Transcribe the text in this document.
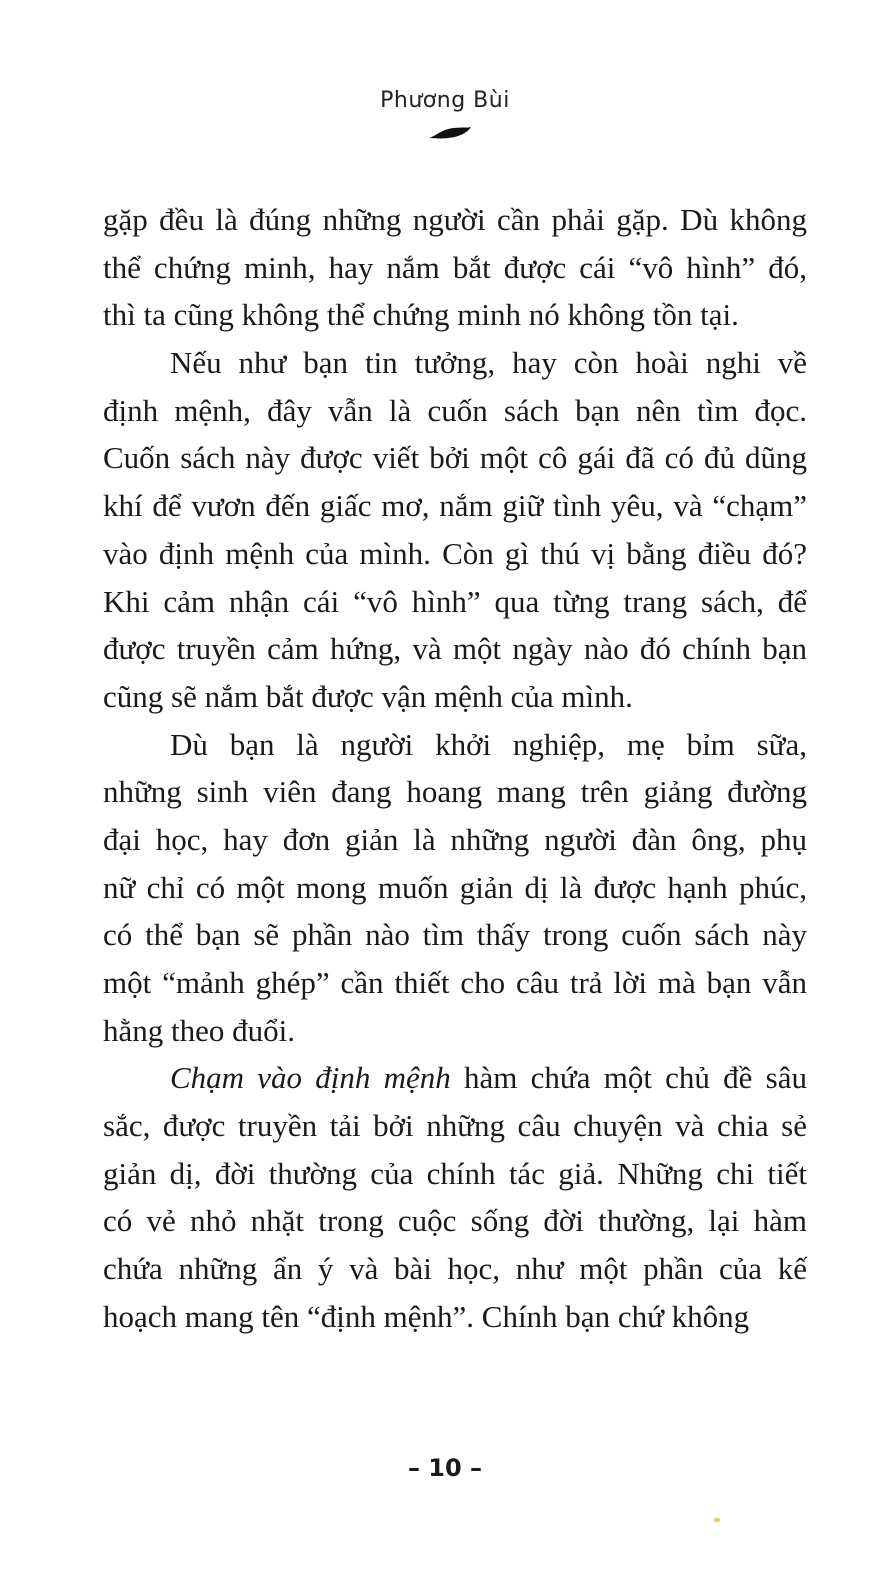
Phương Bùi
gặp đều là đúng những người cần phải gặp. Dù không
thể chứng minh, hay nắm bắt được cái “vô hình” đó,
thì ta cũng không thể chứng minh nó không tồn tại.
Nếu như bạn tin tưởng, hay còn hoài nghi về
định mệnh, đây vẫn là cuốn sách bạn nên tìm đọc.
Cuốn sách này được viết bởi một cô gái đã có đủ dũng
khí để vươn đến giấc mơ, nắm giữ tình yêu, và “chạm”
vào định mệnh của mình. Còn gì thú vị bằng điều đó?
Khi cảm nhận cái “vô hình” qua từng trang sách, để
được truyền cảm hứng, và một ngày nào đó chính bạn
cũng sẽ nắm bắt được vận mệnh của mình.
Dù bạn là người khởi nghiệp, mẹ bỉm sữa,
những sinh viên đang hoang mang trên giảng đường
đại học, hay đơn giản là những người đàn ông, phụ
nữ chỉ có một mong muốn giản dị là được hạnh phúc,
có thể bạn sẽ phần nào tìm thấy trong cuốn sách này
một “mảnh ghép” cần thiết cho câu trả lời mà bạn vẫn
hằng theo đuổi.
Chạm vào định mệnh hàm chứa một chủ đề sâu
sắc, được truyền tải bởi những câu chuyện và chia sẻ
giản dị, đời thường của chính tác giả. Những chi tiết
có vẻ nhỏ nhặt trong cuộc sống đời thường, lại hàm
chứa những ẩn ý và bài học, như một phần của kế
hoạch mang tên “định mệnh”. Chính bạn chứ không
– 10 –
